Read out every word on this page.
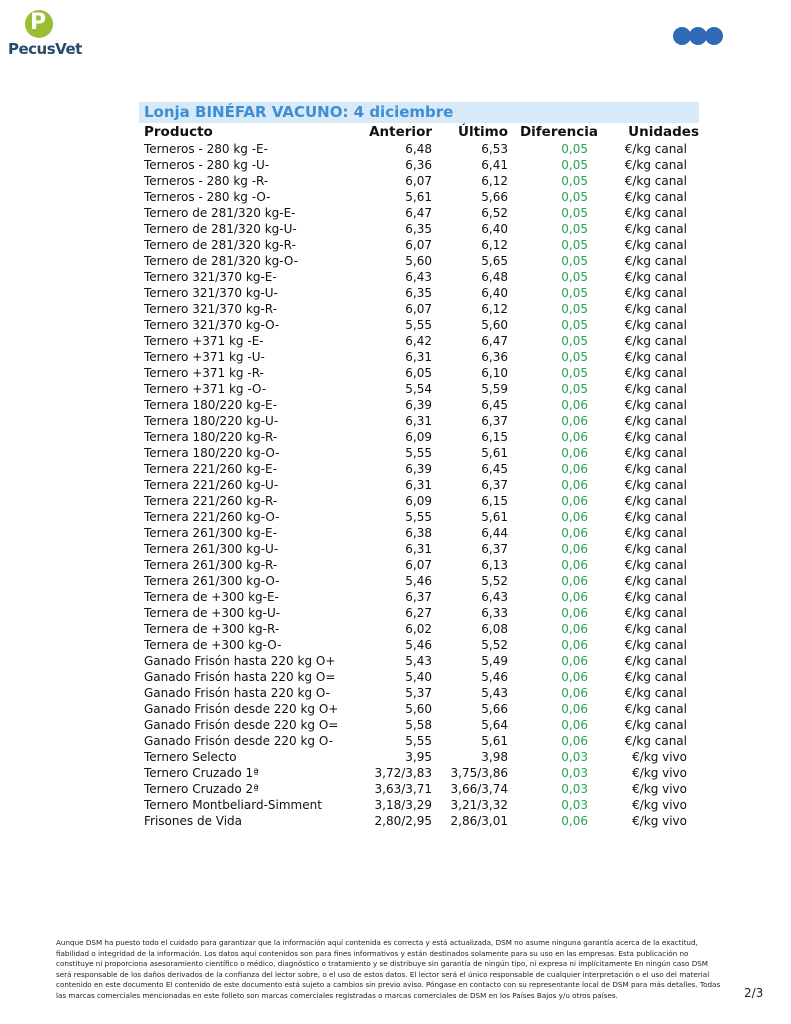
P
PecusVet
Lonja BINÉFAR VACUNO: 4 diciembre
Producto	Anterior	Último	Diferencia	Unidades
Terneros - 280 kg -E-	6,48	6,53	0,05	€/kg canal
Terneros - 280 kg -U-	6,36	6,41	0,05	€/kg canal
Terneros - 280 kg -R-	6,07	6,12	0,05	€/kg canal
Terneros - 280 kg -O-	5,61	5,66	0,05	€/kg canal
Ternero de 281/320 kg-E-	6,47	6,52	0,05	€/kg canal
Ternero de 281/320 kg-U-	6,35	6,40	0,05	€/kg canal
Ternero de 281/320 kg-R-	6,07	6,12	0,05	€/kg canal
Ternero de 281/320 kg-O-	5,60	5,65	0,05	€/kg canal
Ternero 321/370 kg-E-	6,43	6,48	0,05	€/kg canal
Ternero 321/370 kg-U-	6,35	6,40	0,05	€/kg canal
Ternero 321/370 kg-R-	6,07	6,12	0,05	€/kg canal
Ternero 321/370 kg-O-	5,55	5,60	0,05	€/kg canal
Ternero +371 kg -E-	6,42	6,47	0,05	€/kg canal
Ternero +371 kg -U-	6,31	6,36	0,05	€/kg canal
Ternero +371 kg -R-	6,05	6,10	0,05	€/kg canal
Ternero +371 kg -O-	5,54	5,59	0,05	€/kg canal
Ternera 180/220 kg-E-	6,39	6,45	0,06	€/kg canal
Ternera 180/220 kg-U-	6,31	6,37	0,06	€/kg canal
Ternera 180/220 kg-R-	6,09	6,15	0,06	€/kg canal
Ternera 180/220 kg-O-	5,55	5,61	0,06	€/kg canal
Ternera 221/260 kg-E-	6,39	6,45	0,06	€/kg canal
Ternera 221/260 kg-U-	6,31	6,37	0,06	€/kg canal
Ternera 221/260 kg-R-	6,09	6,15	0,06	€/kg canal
Ternera 221/260 kg-O-	5,55	5,61	0,06	€/kg canal
Ternera 261/300 kg-E-	6,38	6,44	0,06	€/kg canal
Ternera 261/300 kg-U-	6,31	6,37	0,06	€/kg canal
Ternera 261/300 kg-R-	6,07	6,13	0,06	€/kg canal
Ternera 261/300 kg-O-	5,46	5,52	0,06	€/kg canal
Ternera de +300 kg-E-	6,37	6,43	0,06	€/kg canal
Ternera de +300 kg-U-	6,27	6,33	0,06	€/kg canal
Ternera de +300 kg-R-	6,02	6,08	0,06	€/kg canal
Ternera de +300 kg-O-	5,46	5,52	0,06	€/kg canal
Ganado Frisón hasta 220 kg O+	5,43	5,49	0,06	€/kg canal
Ganado Frisón hasta 220 kg O=	5,40	5,46	0,06	€/kg canal
Ganado Frisón hasta 220 kg O-	5,37	5,43	0,06	€/kg canal
Ganado Frisón desde 220 kg O+	5,60	5,66	0,06	€/kg canal
Ganado Frisón desde 220 kg O=	5,58	5,64	0,06	€/kg canal
Ganado Frisón desde 220 kg O-	5,55	5,61	0,06	€/kg canal
Ternero Selecto	3,95	3,98	0,03	€/kg vivo
Ternero Cruzado 1ª	3,72/3,83	3,75/3,86	0,03	€/kg vivo
Ternero Cruzado 2ª	3,63/3,71	3,66/3,74	0,03	€/kg vivo
Ternero Montbeliard-Simment	3,18/3,29	3,21/3,32	0,03	€/kg vivo
Frisones de Vida	2,80/2,95	2,86/3,01	0,06	€/kg vivo
Aunque DSM ha puesto todo el cuidado para garantizar que la información aquí contenida es correcta y está actualizada, DSM no asume ninguna garantía acerca de la exactitud, fiabilidad o integridad de la información. Los datos aquí contenidos son para fines informativos y están destinados solamente para su uso en las empresas. Esta publicación no constituye ni proporciona asesoramiento científico o médico, diagnóstico o tratamiento y se distribuye sin garantía de ningún tipo, ni expresa ni implícitamente En ningún caso DSM será responsable de los daños derivados de la confianza del lector sobre, o el uso de estos datos. El lector será el único responsable de cualquier interpretación o el uso del material contenido en este documento El contenido de este documento está sujeto a cambios sin previo aviso. Póngase en contacto con su representante local de DSM para más detalles. Todas las marcas comerciales mencionadas en este folleto son marcas comerciales registradas o marcas comerciales de DSM en los Países Bajos y/u otros países.	2/3
